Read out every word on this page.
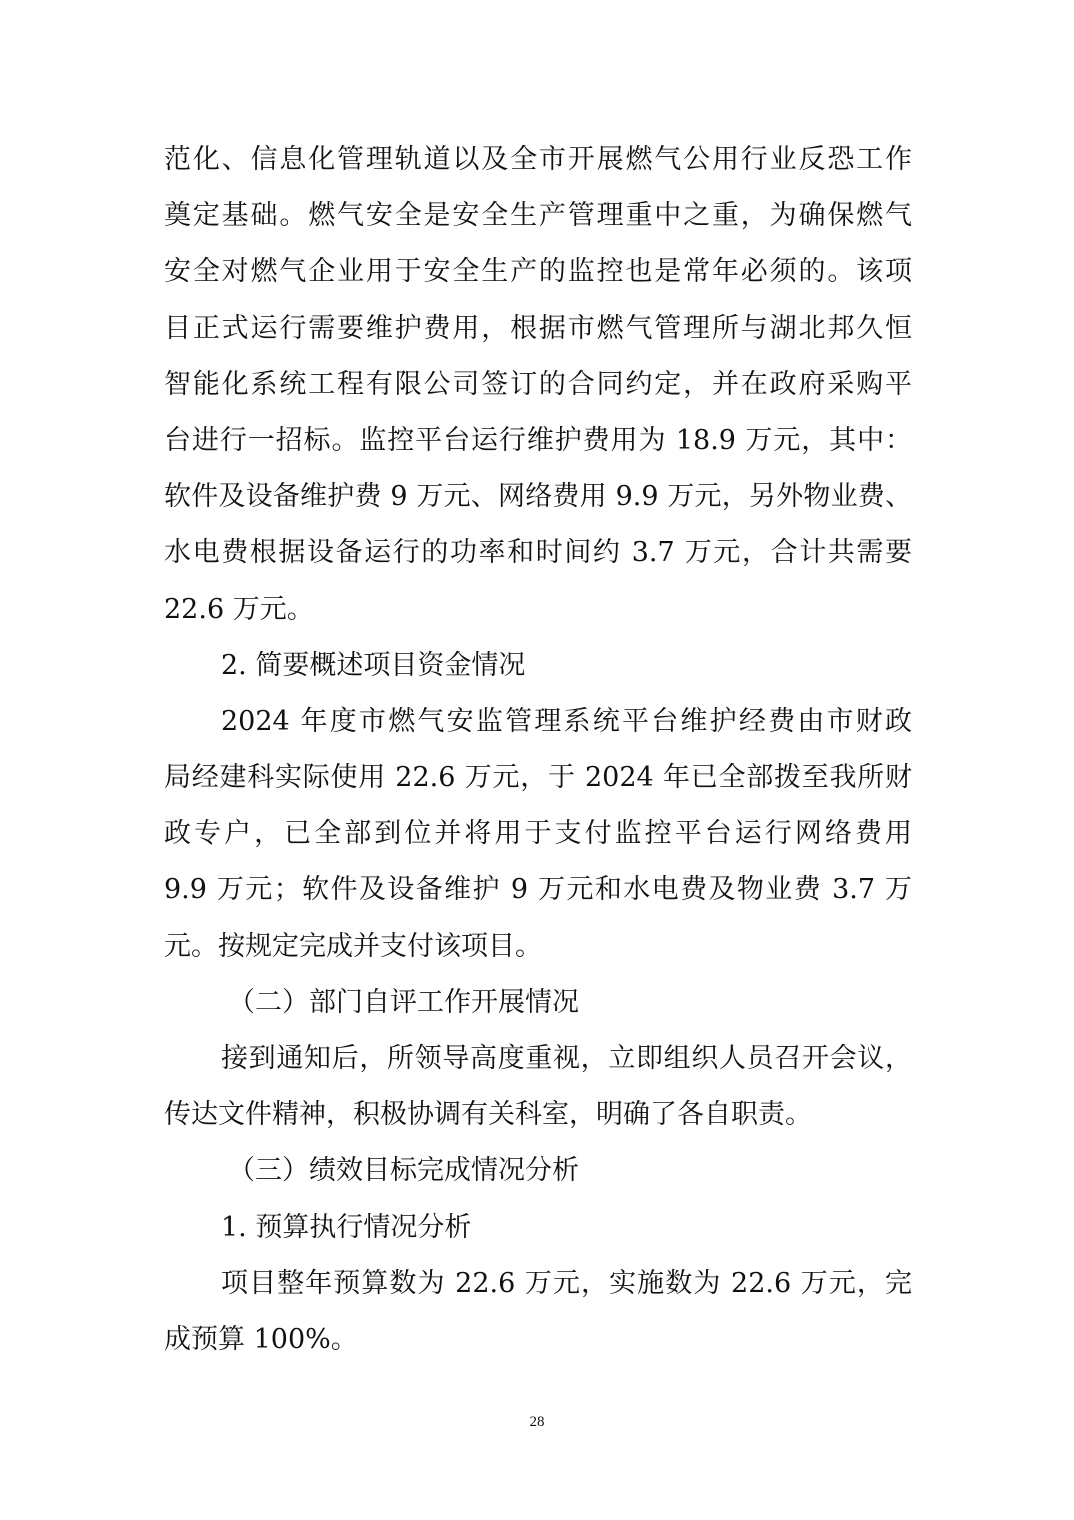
范化、信息化管理轨道以及全市开展燃气公用行业反恐工作
奠定基础。燃气安全是安全生产管理重中之重，为确保燃气
安全对燃气企业用于安全生产的监控也是常年必须的。该项
目正式运行需要维护费用，根据市燃气管理所与湖北邦久恒
智能化系统工程有限公司签订的合同约定，并在政府采购平
台进行一招标。监控平台运行维护费用为 18.9 万元，其中：
软件及设备维护费 9 万元、网络费用 9.9 万元，另外物业费、
水电费根据设备运行的功率和时间约 3.7 万元，合计共需要
22.6 万元。
2. 简要概述项目资金情况
2024 年度市燃气安监管理系统平台维护经费由市财政
局经建科实际使用 22.6 万元，于 2024 年已全部拨至我所财
政专户，已全部到位并将用于支付监控平台运行网络费用
9.9 万元；软件及设备维护 9 万元和水电费及物业费 3.7 万
元。按规定完成并支付该项目。
（二）部门自评工作开展情况
接到通知后，所领导高度重视，立即组织人员召开会议，
传达文件精神，积极协调有关科室，明确了各自职责。
（三）绩效目标完成情况分析
1. 预算执行情况分析
项目整年预算数为 22.6 万元，实施数为 22.6 万元，完
成预算 100%。
28
